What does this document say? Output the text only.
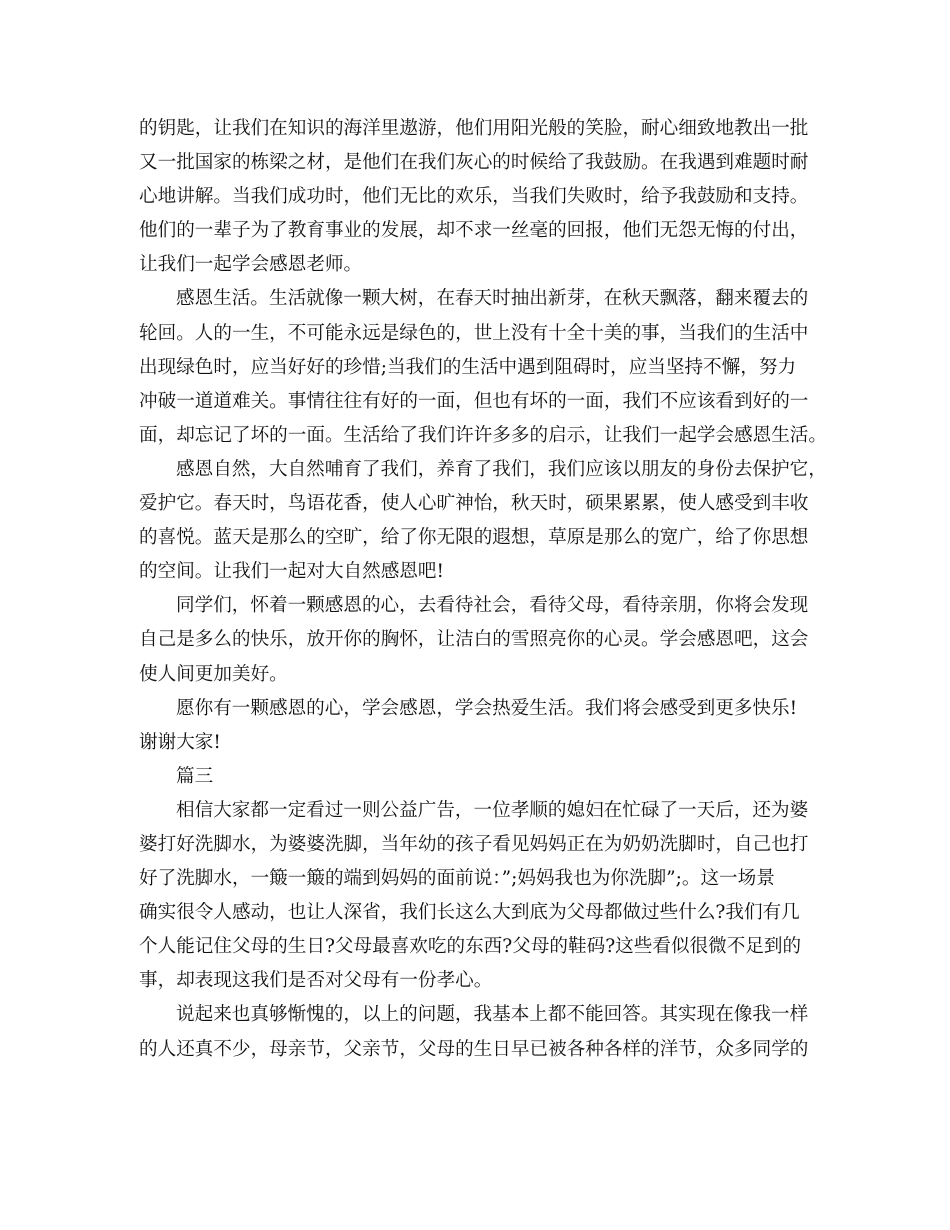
的钥匙，让我们在知识的海洋里遨游，他们用阳光般的笑脸，耐心细致地教出一批
又一批国家的栋梁之材，是他们在我们灰心的时候给了我鼓励。在我遇到难题时耐
心地讲解。当我们成功时，他们无比的欢乐，当我们失败时，给予我鼓励和支持。
他们的一辈子为了教育事业的发展，却不求一丝毫的回报，他们无怨无悔的付出，
让我们一起学会感恩老师。
感恩生活。生活就像一颗大树，在春天时抽出新芽，在秋天飘落，翻来覆去的
轮回。人的一生，不可能永远是绿色的，世上没有十全十美的事，当我们的生活中
出现绿色时，应当好好的珍惜;当我们的生活中遇到阻碍时，应当坚持不懈，努力
冲破一道道难关。事情往往有好的一面，但也有坏的一面，我们不应该看到好的一
面，却忘记了坏的一面。生活给了我们许许多多的启示，让我们一起学会感恩生活。
感恩自然，大自然哺育了我们，养育了我们，我们应该以朋友的身份去保护它，
爱护它。春天时，鸟语花香，使人心旷神怡，秋天时，硕果累累，使人感受到丰收
的喜悦。蓝天是那么的空旷，给了你无限的遐想，草原是那么的宽广，给了你思想
的空间。让我们一起对大自然感恩吧!
同学们，怀着一颗感恩的心，去看待社会，看待父母，看待亲朋，你将会发现
自己是多么的快乐，放开你的胸怀，让洁白的雪照亮你的心灵。学会感恩吧，这会
使人间更加美好。
愿你有一颗感恩的心，学会感恩，学会热爱生活。我们将会感受到更多快乐!
谢谢大家!
篇三
相信大家都一定看过一则公益广告，一位孝顺的媳妇在忙碌了一天后，还为婆
婆打好洗脚水，为婆婆洗脚，当年幼的孩子看见妈妈正在为奶奶洗脚时，自己也打
好了洗脚水，一簸一簸的端到妈妈的面前说：”;妈妈我也为你洗脚”;。这一场景
确实很令人感动，也让人深省，我们长这么大到底为父母都做过些什么?我们有几
个人能记住父母的生日?父母最喜欢吃的东西?父母的鞋码?这些看似很微不足到的
事，却表现这我们是否对父母有一份孝心。
说起来也真够惭愧的，以上的问题，我基本上都不能回答。其实现在像我一样
的人还真不少，母亲节，父亲节，父母的生日早已被各种各样的洋节，众多同学的
